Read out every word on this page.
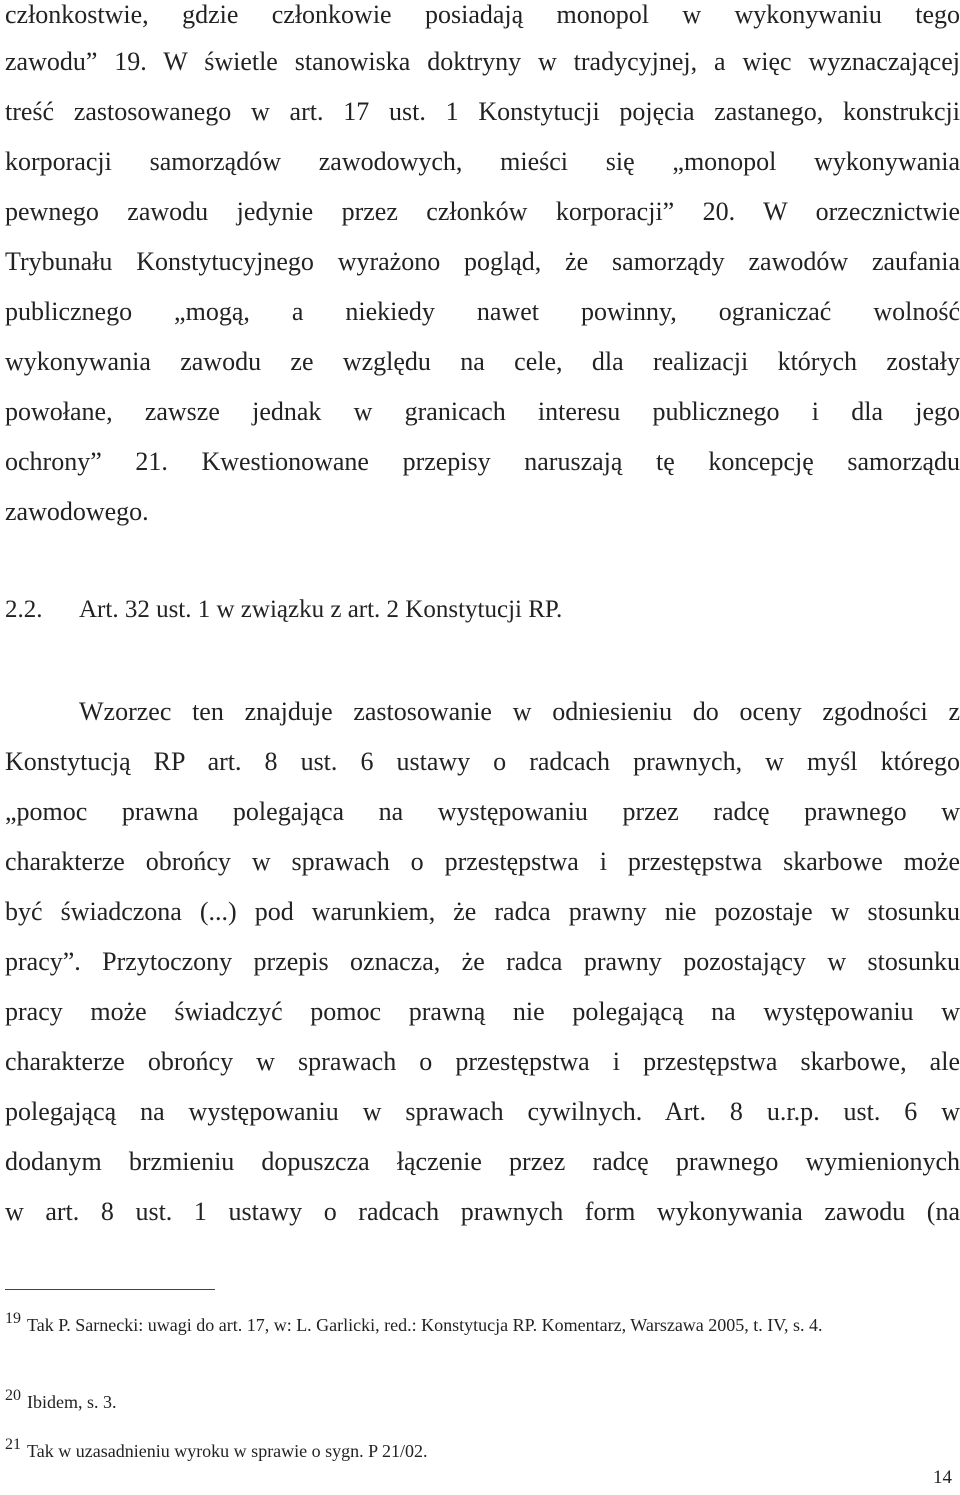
członkostwie, gdzie członkowie posiadają monopol w wykonywaniu tego
zawodu” 19. W świetle stanowiska doktryny w tradycyjnej, a więc wyznaczającej
treść zastosowanego w art. 17 ust. 1 Konstytucji pojęcia zastanego, konstrukcji
korporacji samorządów zawodowych, mieści się „monopol wykonywania
pewnego zawodu jedynie przez członków korporacji” 20. W orzecznictwie
Trybunału Konstytucyjnego wyrażono pogląd, że samorządy zawodów zaufania
publicznego „mogą, a niekiedy nawet powinny, ograniczać wolność
wykonywania zawodu ze względu na cele, dla realizacji których zostały
powołane, zawsze jednak w granicach interesu publicznego i dla jego
ochrony” 21. Kwestionowane przepisy naruszają tę koncepcję samorządu
zawodowego.
2.2. Art. 32 ust. 1 w związku z art. 2 Konstytucji RP.
Wzorzec ten znajduje zastosowanie w odniesieniu do oceny zgodności z
Konstytucją RP art. 8 ust. 6 ustawy o radcach prawnych, w myśl którego
„pomoc prawna polegająca na występowaniu przez radcę prawnego w
charakterze obrońcy w sprawach o przestępstwa i przestępstwa skarbowe może
być świadczona (...) pod warunkiem, że radca prawny nie pozostaje w stosunku
pracy”. Przytoczony przepis oznacza, że radca prawny pozostający w stosunku
pracy może świadczyć pomoc prawną nie polegającą na występowaniu w
charakterze obrońcy w sprawach o przestępstwa i przestępstwa skarbowe, ale
polegającą na występowaniu w sprawach cywilnych. Art. 8 u.r.p. ust. 6 w
dodanym brzmieniu dopuszcza łączenie przez radcę prawnego wymienionych
w art. 8 ust. 1 ustawy o radcach prawnych form wykonywania zawodu (na
$^{19}$ Tak P. Sarnecki: uwagi do art. 17, w: L. Garlicki, red.: Konstytucja RP. Komentarz, Warszawa 2005, t. IV, s. 4.
$^{20}$ Ibidem, s. 3.
$^{21}$ Tak w uzasadnieniu wyroku w sprawie o sygn. P 21/02.
14
